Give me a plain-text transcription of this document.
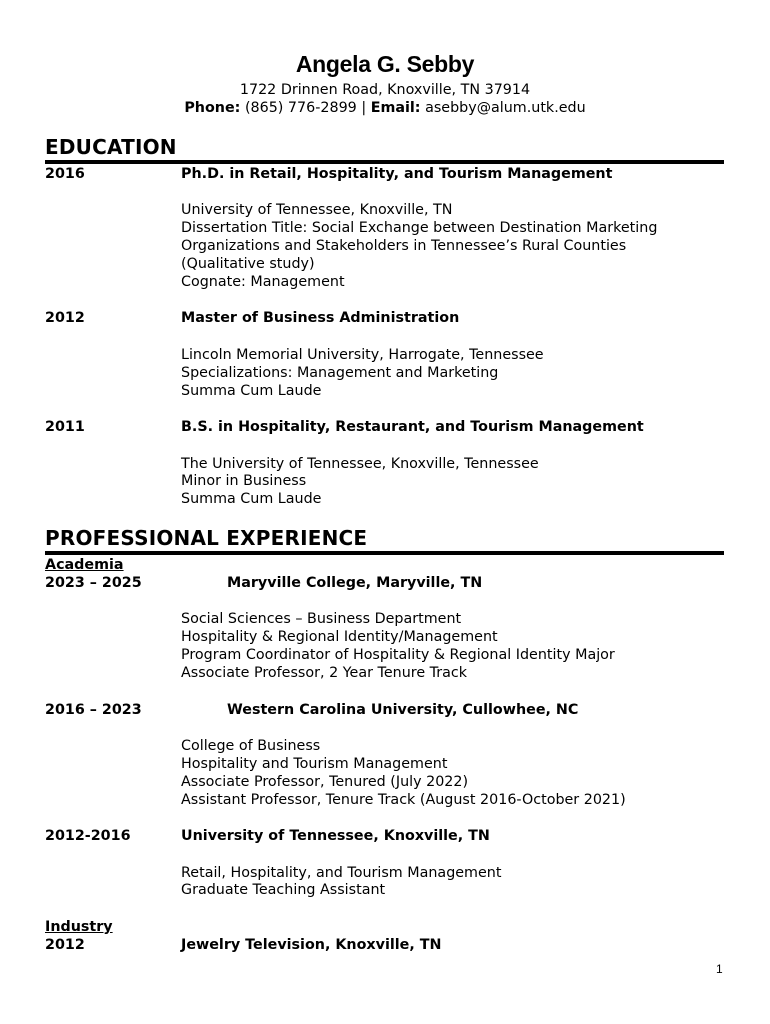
Angela G. Sebby
1722 Drinnen Road, Knoxville, TN 37914
Phone: (865) 776-2899 | Email: asebby@alum.utk.edu
EDUCATION
2016	Ph.D. in Retail, Hospitality, and Tourism Management
University of Tennessee, Knoxville, TN
Dissertation Title: Social Exchange between Destination Marketing
Organizations and Stakeholders in Tennessee’s Rural Counties
(Qualitative study)
Cognate: Management
2012	Master of Business Administration
Lincoln Memorial University, Harrogate, Tennessee
Specializations: Management and Marketing
Summa Cum Laude
2011	B.S. in Hospitality, Restaurant, and Tourism Management
The University of Tennessee, Knoxville, Tennessee
Minor in Business
Summa Cum Laude
PROFESSIONAL EXPERIENCE
Academia
2023 – 2025	Maryville College, Maryville, TN
Social Sciences – Business Department
Hospitality & Regional Identity/Management
Program Coordinator of Hospitality & Regional Identity Major
Associate Professor, 2 Year Tenure Track
2016 – 2023	Western Carolina University, Cullowhee, NC
College of Business
Hospitality and Tourism Management
Associate Professor, Tenured (July 2022)
Assistant Professor, Tenure Track (August 2016-October 2021)
2012-2016	University of Tennessee, Knoxville, TN
Retail, Hospitality, and Tourism Management
Graduate Teaching Assistant
Industry
2012	Jewelry Television, Knoxville, TN
1
